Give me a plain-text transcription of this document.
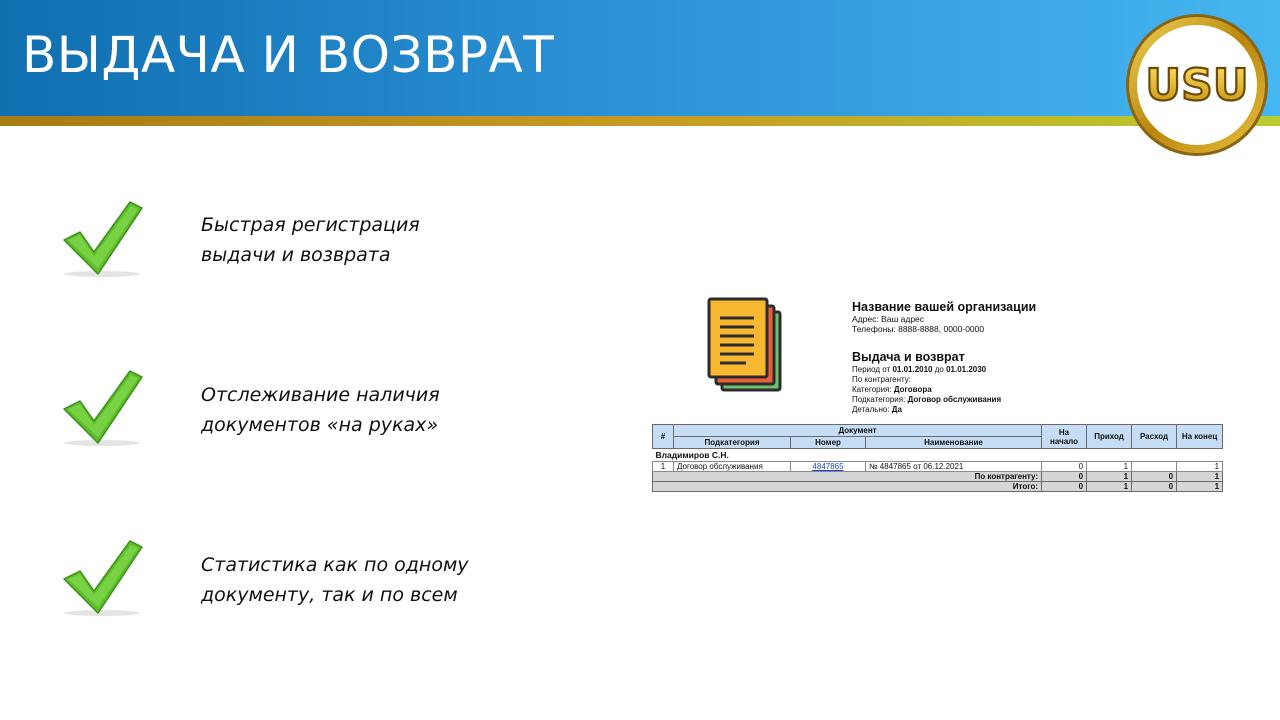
ВЫДАЧА И ВОЗВРАТ
USU
Быстрая регистрация
выдачи и возврата
Отслеживание наличия
документов «на руках»
Статистика как по одному
документу, так и по всем
Название вашей организации
Адрес: Ваш адрес
Телефоны: 8888-8888, 0000-0000
Выдача и возврат
Период от 01.01.2010 до 01.01.2030
По контрагенту:
Категория: Договора
Подкатегория: Договор обслуживания
Детально: Да
#	Документ			На начало	Приход	Расход	На конец
	Подкатегория	Номер	Наименование				
Владимиров С.Н.							
1	Договор обслуживания	4847865	№ 4847865 от 06.12.2021	0	1		1
По контрагенту:				0	1	0	1
Итого:				0	1	0	1
